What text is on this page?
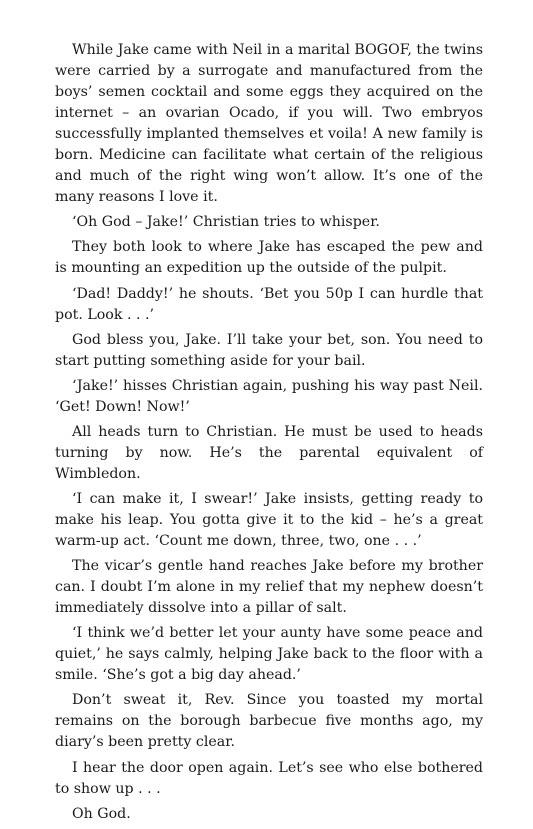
While Jake came with Neil in a marital BOGOF, the twins were carried by a surrogate and manufactured from the boys’ semen cocktail and some eggs they acquired on the internet – an ovarian Ocado, if you will. Two embryos successfully implanted themselves et voila! A new family is born. Medicine can facilitate what certain of the religious and much of the right wing won’t allow. It’s one of the many reasons I love it.

‘Oh God – Jake!’ Christian tries to whisper.

They both look to where Jake has escaped the pew and is mounting an expedition up the outside of the pulpit.

‘Dad! Daddy!’ he shouts. ‘Bet you 50p I can hurdle that pot. Look . . .’

God bless you, Jake. I’ll take your bet, son. You need to start putting something aside for your bail.

‘Jake!’ hisses Christian again, pushing his way past Neil. ‘Get! Down! Now!’

All heads turn to Christian. He must be used to heads turning by now. He’s the parental equivalent of Wimbledon.

‘I can make it, I swear!’ Jake insists, getting ready to make his leap. You gotta give it to the kid – he’s a great warm-up act. ‘Count me down, three, two, one . . .’

The vicar’s gentle hand reaches Jake before my brother can. I doubt I’m alone in my relief that my nephew doesn’t immediately dissolve into a pillar of salt.

‘I think we’d better let your aunty have some peace and quiet,’ he says calmly, helping Jake back to the floor with a smile. ‘She’s got a big day ahead.’

Don’t sweat it, Rev. Since you toasted my mortal remains on the borough barbecue five months ago, my diary’s been pretty clear.

I hear the door open again. Let’s see who else bothered to show up . . .

Oh God.
